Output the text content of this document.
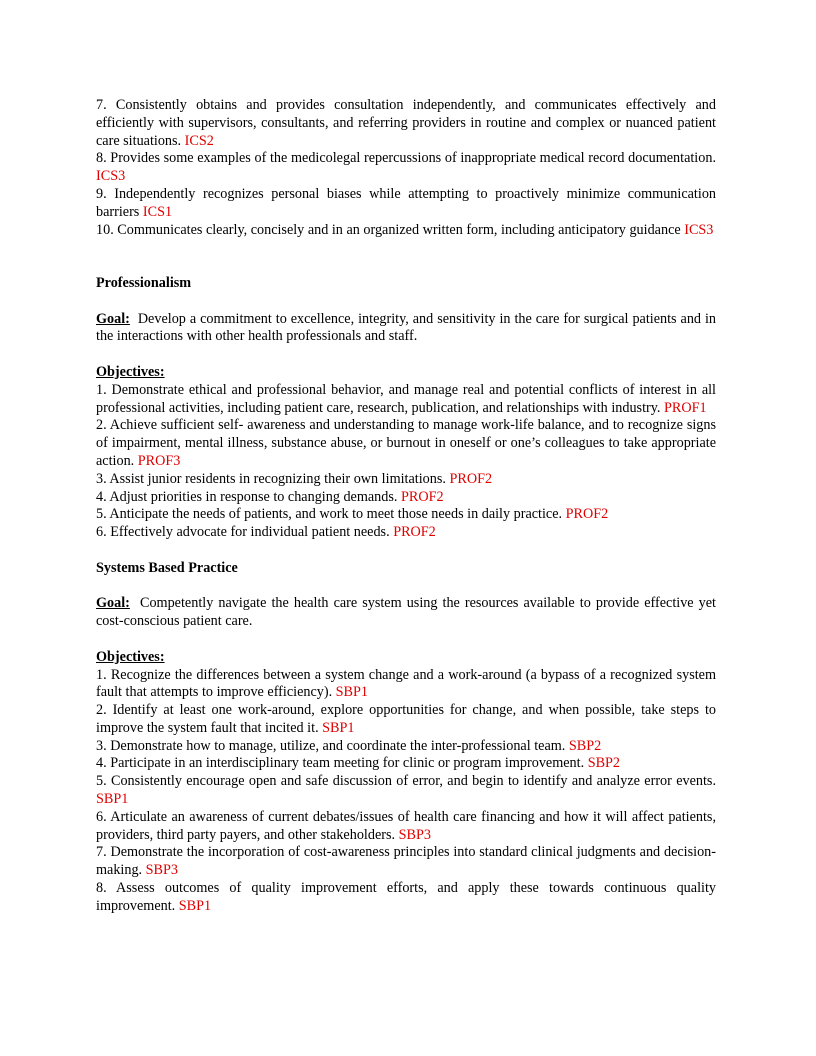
7. Consistently obtains and provides consultation independently, and communicates effectively and efficiently with supervisors, consultants, and referring providers in routine and complex or nuanced patient care situations. ICS2

8. Provides some examples of the medicolegal repercussions of inappropriate medical record documentation. ICS3

9. Independently recognizes personal biases while attempting to proactively minimize communication barriers ICS1

10. Communicates clearly, concisely and in an organized written form, including anticipatory guidance ICS3

Professionalism

Goal: Develop a commitment to excellence, integrity, and sensitivity in the care for surgical patients and in the interactions with other health professionals and staff.

Objectives:

1. Demonstrate ethical and professional behavior, and manage real and potential conflicts of interest in all professional activities, including patient care, research, publication, and relationships with industry. PROF1

2. Achieve sufficient self- awareness and understanding to manage work-life balance, and to recognize signs of impairment, mental illness, substance abuse, or burnout in oneself or one’s colleagues to take appropriate action. PROF3

3. Assist junior residents in recognizing their own limitations. PROF2

4. Adjust priorities in response to changing demands. PROF2

5. Anticipate the needs of patients, and work to meet those needs in daily practice. PROF2

6. Effectively advocate for individual patient needs. PROF2

Systems Based Practice

Goal: Competently navigate the health care system using the resources available to provide effective yet cost-conscious patient care.

Objectives:

1. Recognize the differences between a system change and a work-around (a bypass of a recognized system fault that attempts to improve efficiency). SBP1

2. Identify at least one work-around, explore opportunities for change, and when possible, take steps to improve the system fault that incited it. SBP1

3. Demonstrate how to manage, utilize, and coordinate the inter-professional team. SBP2

4. Participate in an interdisciplinary team meeting for clinic or program improvement. SBP2

5. Consistently encourage open and safe discussion of error, and begin to identify and analyze error events. SBP1

6. Articulate an awareness of current debates/issues of health care financing and how it will affect patients, providers, third party payers, and other stakeholders. SBP3

7. Demonstrate the incorporation of cost-awareness principles into standard clinical judgments and decision-making. SBP3

8. Assess outcomes of quality improvement efforts, and apply these towards continuous quality improvement. SBP1
